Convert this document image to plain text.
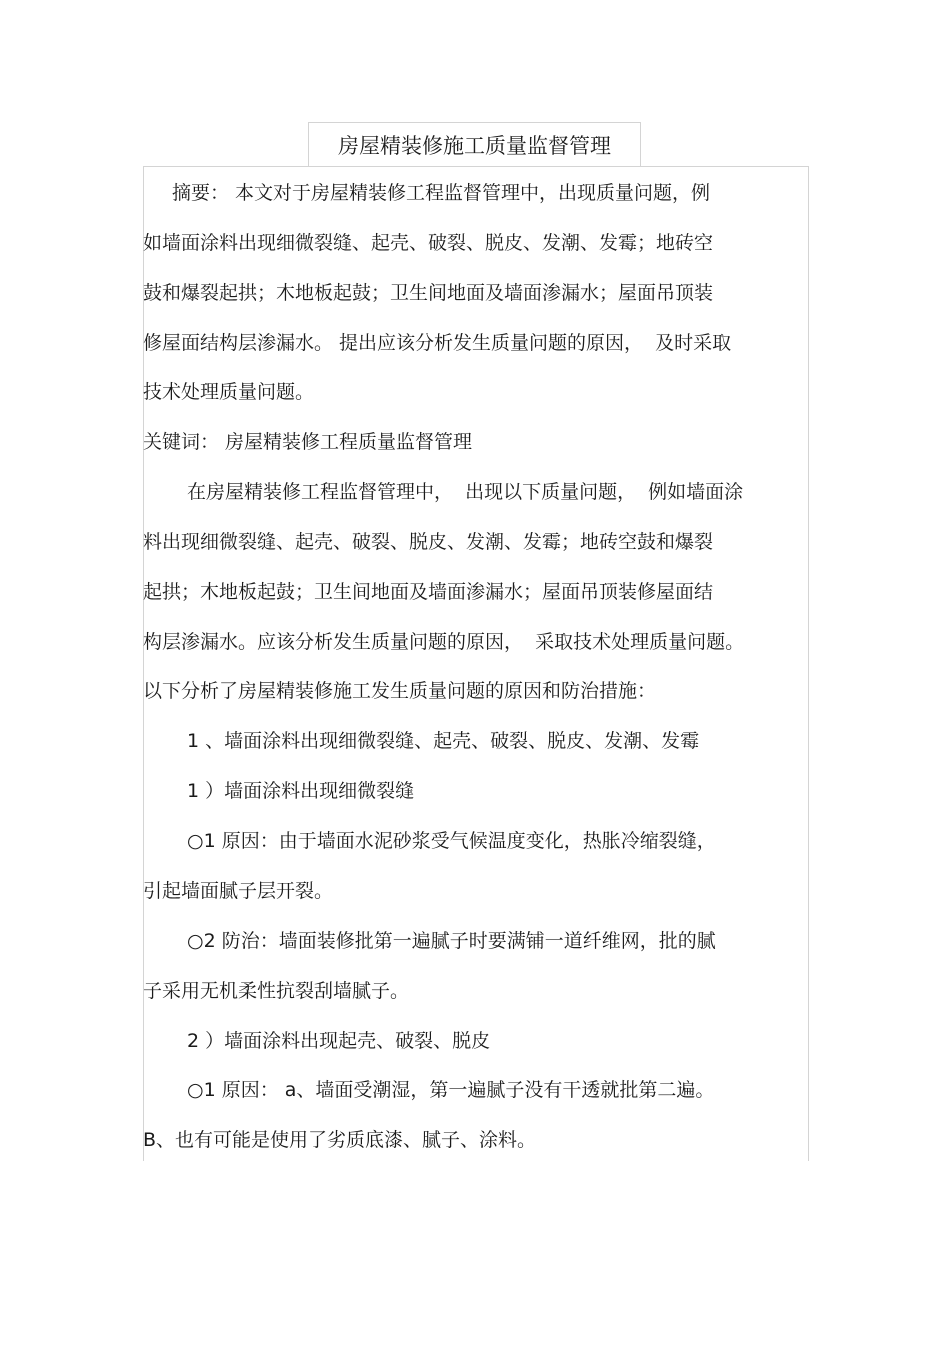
房屋精装修施工质量监督管理
摘要： 本文对于房屋精装修工程监督管理中，出现质量问题，例
如墙面涂料出现细微裂缝、起壳、破裂、脱皮、发潮、发霉；地砖空
鼓和爆裂起拱；木地板起鼓；卫生间地面及墙面渗漏水；屋面吊顶装
修屋面结构层渗漏水。 提出应该分析发生质量问题的原因，  及时采取
技术处理质量问题。
关键词： 房屋精装修工程质量监督管理
在房屋精装修工程监督管理中，  出现以下质量问题，  例如墙面涂
料出现细微裂缝、起壳、破裂、脱皮、发潮、发霉；地砖空鼓和爆裂
起拱；木地板起鼓；卫生间地面及墙面渗漏水；屋面吊顶装修屋面结
构层渗漏水。应该分析发生质量问题的原因，  采取技术处理质量问题。
以下分析了房屋精装修施工发生质量问题的原因和防治措施：
1 、墙面涂料出现细微裂缝、起壳、破裂、脱皮、发潮、发霉
1 ）墙面涂料出现细微裂缝
○1 原因：由于墙面水泥砂浆受气候温度变化，热胀冷缩裂缝，
引起墙面腻子层开裂。
○2 防治：墙面装修批第一遍腻子时要满铺一道纤维网，批的腻
子采用无机柔性抗裂刮墙腻子。
2 ）墙面涂料出现起壳、破裂、脱皮
○1 原因： a、墙面受潮湿，第一遍腻子没有干透就批第二遍。
B、也有可能是使用了劣质底漆、腻子、涂料。
